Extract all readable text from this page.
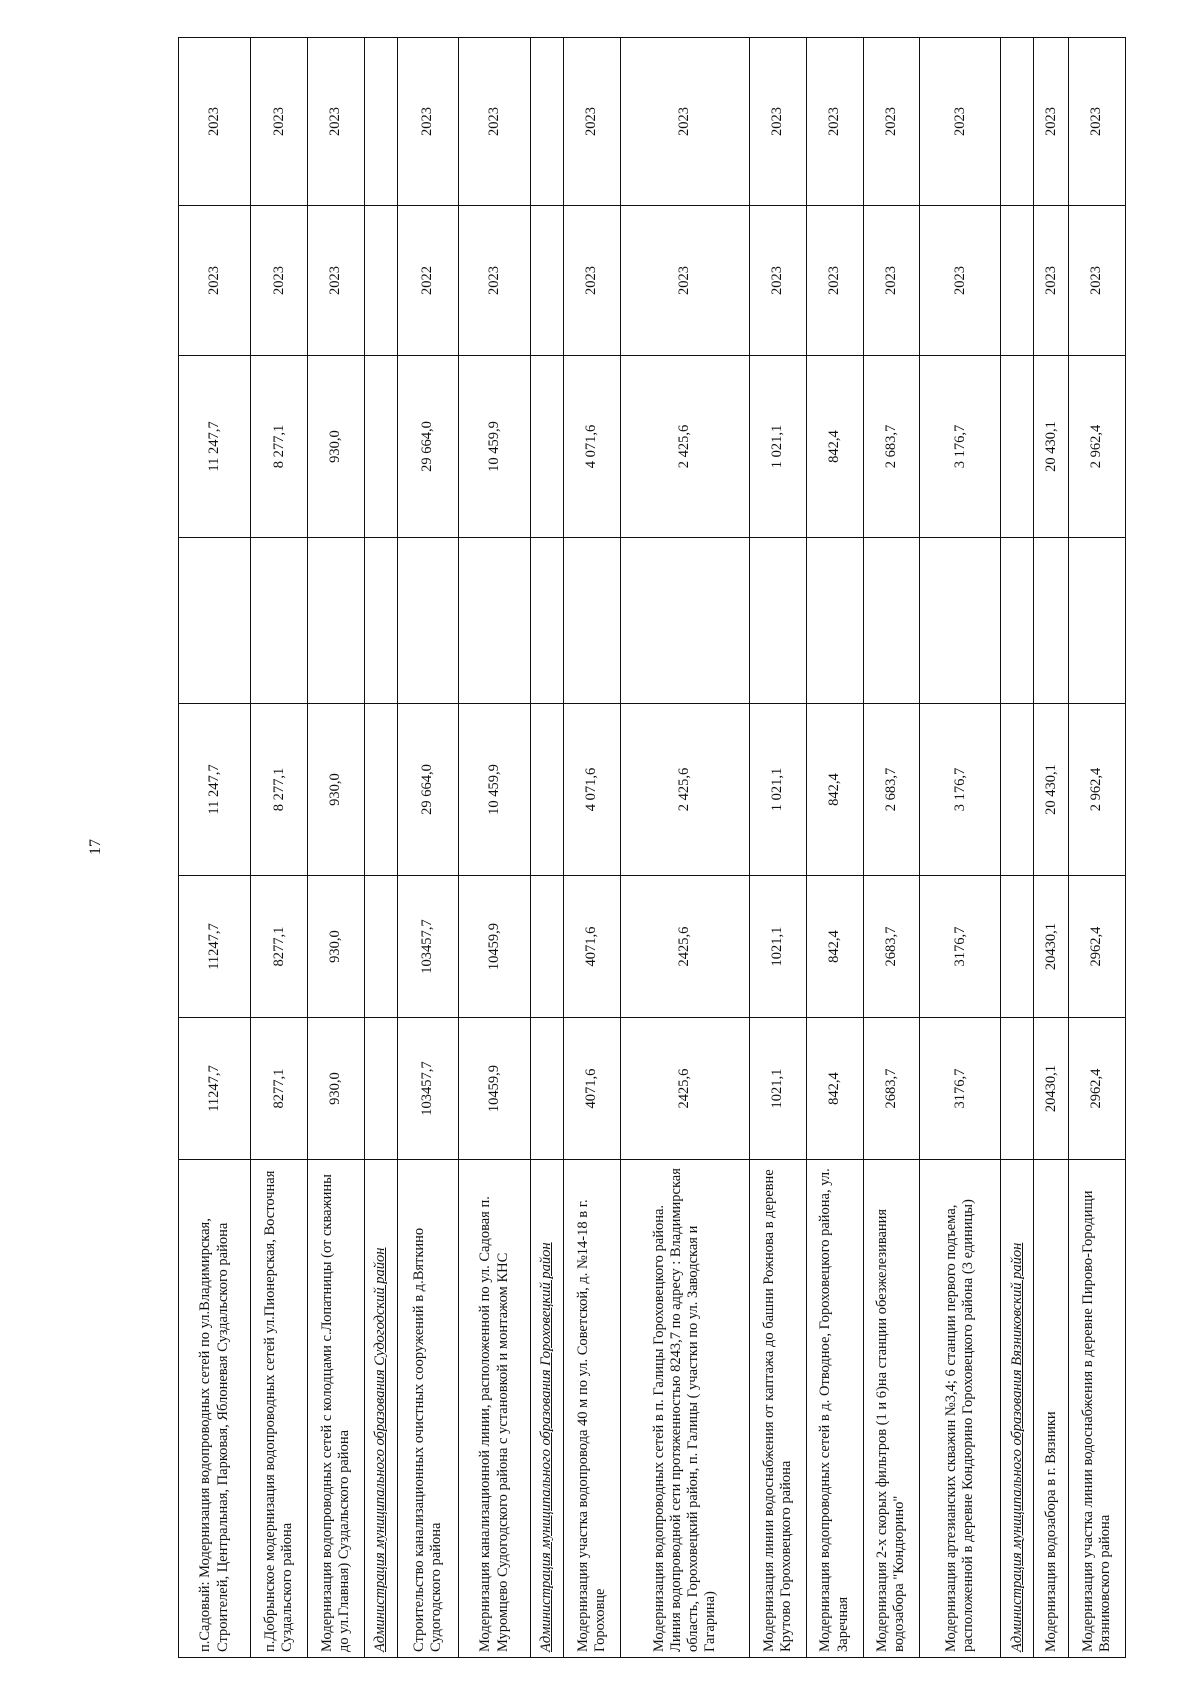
17
п.Садовый: Модернизация водопроводных сетей по ул.Владимирская, Строителей, Центральная, Парковая, Яблоневая Суздальского района	11247,7	11247,7	11 247,7		11 247,7	2023	2023
п.Добрынское модернизация водопроводных сетей ул.Пионерская, Восточная Суздальского района	8277,1	8277,1	8 277,1		8 277,1	2023	2023
Модернизация водопроводных сетей с колодцами с.Лопатницы (от скважины до ул.Главная) Суздальского района	930,0	930,0	930,0		930,0	2023	2023
Администрация муниципального образования Судогодский район							
Строительство канализационных очистных сооружений в д.Вяткино Судогодского района	103457,7	103457,7	29 664,0		29 664,0	2022	2023
Модернизация канализационной линии, расположенной по ул. Садовая п. Муромцево Судогодского района с установкой и монтажом КНС	10459,9	10459,9	10 459,9		10 459,9	2023	2023
Администрация муниципального образования Гороховецкий район							
Модернизация участка водопровода 40 м по ул. Советской, д. №14-18 в г. Гороховце	4071,6	4071,6	4 071,6		4 071,6	2023	2023
Модернизация водопроводных сетей в п. Галицы Гороховецкого района. Линия водопроводной сети протяженностью 8243,7 по адресу : Владимирская область, Гороховецкий район, п. Галицы ( участки по ул. Заводская и Гагарина)	2425,6	2425,6	2 425,6		2 425,6	2023	2023
Модернизация линии водоснабжения от каптажа до башни Рожнова в деревне Крутово Гороховецкого района	1021,1	1021,1	1 021,1		1 021,1	2023	2023
Модернизация водопроводных сетей в д. Отводное, Гороховецкого района, ул. Заречная	842,4	842,4	842,4		842,4	2023	2023
Модернизация 2-х скорых фильтров (1 и 6)на станции обезжелезивания водозабора "Кондюрино"	2683,7	2683,7	2 683,7		2 683,7	2023	2023
Модернизация артезианских скважин №3,4; 6 станции первого подъема, расположенной в деревне Кондюрино Гороховецкого района (3 единицы)	3176,7	3176,7	3 176,7		3 176,7	2023	2023
Администрация муниципального образования Вязниковский район							
Модернизация водозабора в г. Вязники	20430,1	20430,1	20 430,1		20 430,1	2023	2023
Модернизация участка линии водоснабжения в деревне Пирово-Городищи Вязниковского района	2962,4	2962,4	2 962,4		2 962,4	2023	2023
